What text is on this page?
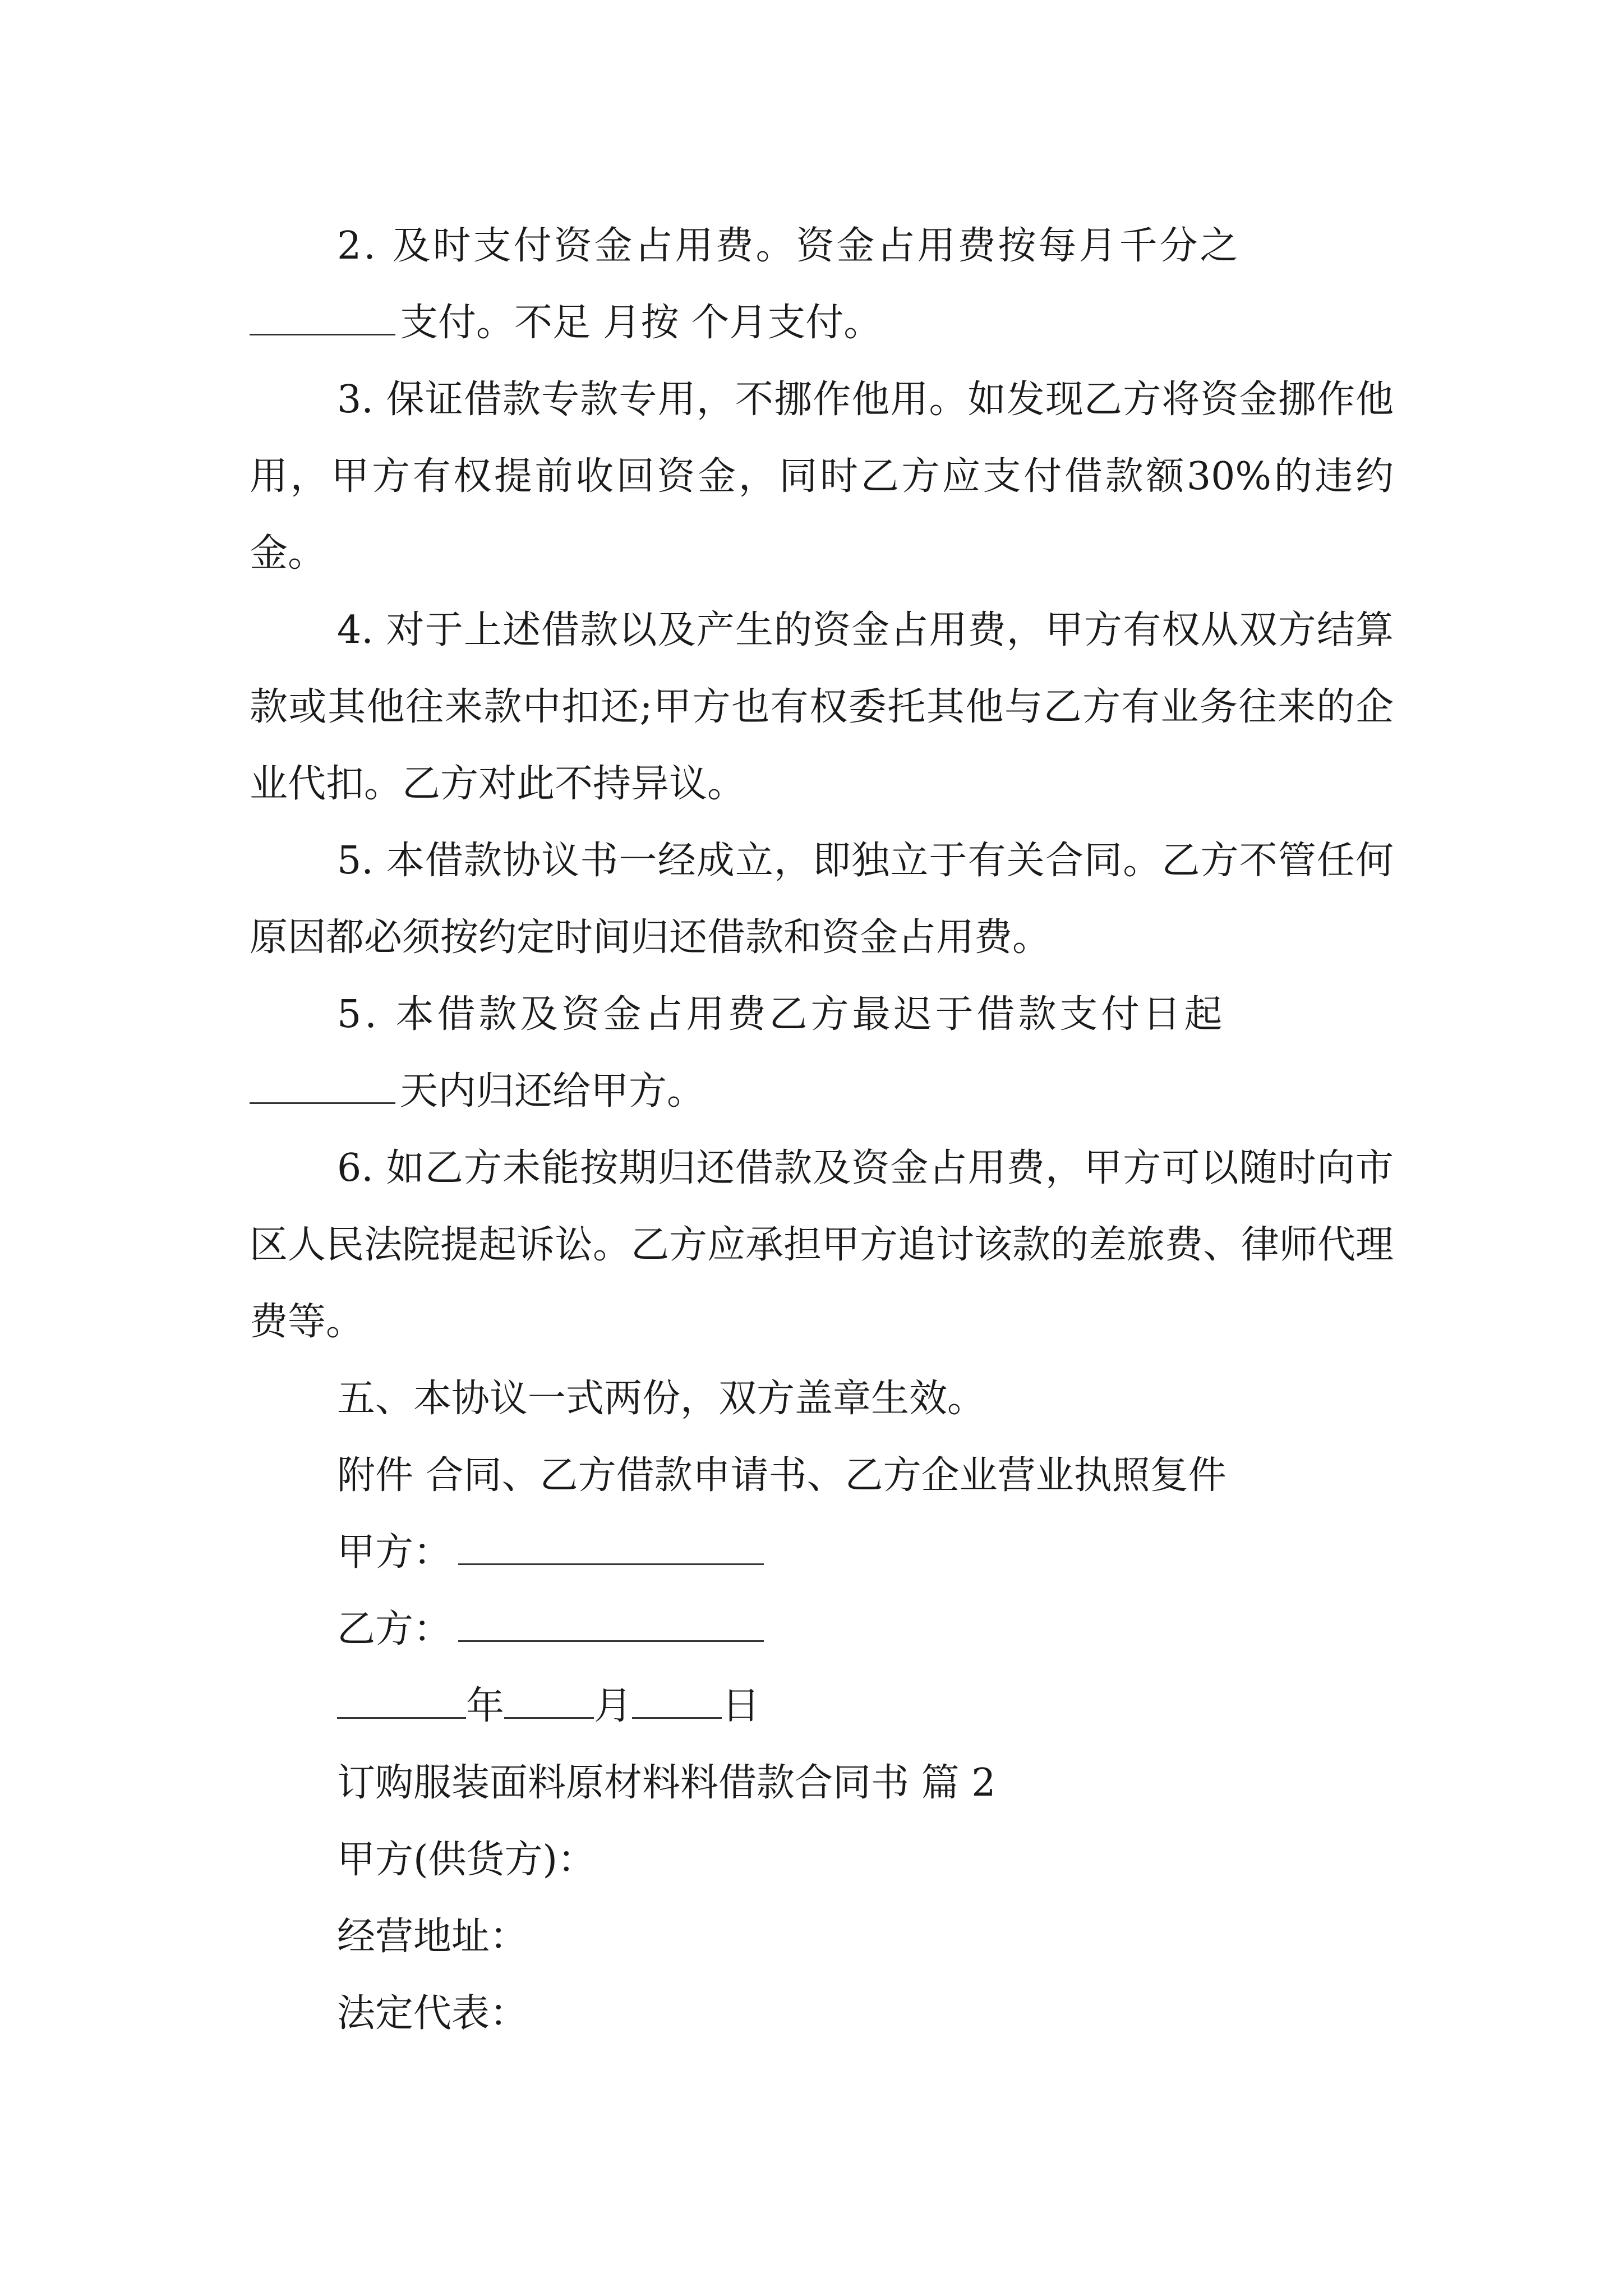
2. 及时支付资金占用费。资金占用费按每月千分之

支付。不足 月按 个月支付。

3. 保证借款专款专用，不挪作他用。如发现乙方将资金挪作他用，甲方有权提前收回资金，同时乙方应支付借款额30%的违约金。

4. 对于上述借款以及产生的资金占用费，甲方有权从双方结算款或其他往来款中扣还;甲方也有权委托其他与乙方有业务往来的企业代扣。乙方对此不持异议。

5. 本借款协议书一经成立，即独立于有关合同。乙方不管任何原因都必须按约定时间归还借款和资金占用费。

5. 本借款及资金占用费乙方最迟于借款支付日起

天内归还给甲方。

6. 如乙方未能按期归还借款及资金占用费，甲方可以随时向市区人民法院提起诉讼。乙方应承担甲方追讨该款的差旅费、律师代理费等。

五、本协议一式两份，双方盖章生效。

附件 合同、乙方借款申请书、乙方企业营业执照复件

甲方：

乙方：

年 月 日

订购服装面料原材料料借款合同书 篇 2

甲方(供货方)：

经营地址：

法定代表：
